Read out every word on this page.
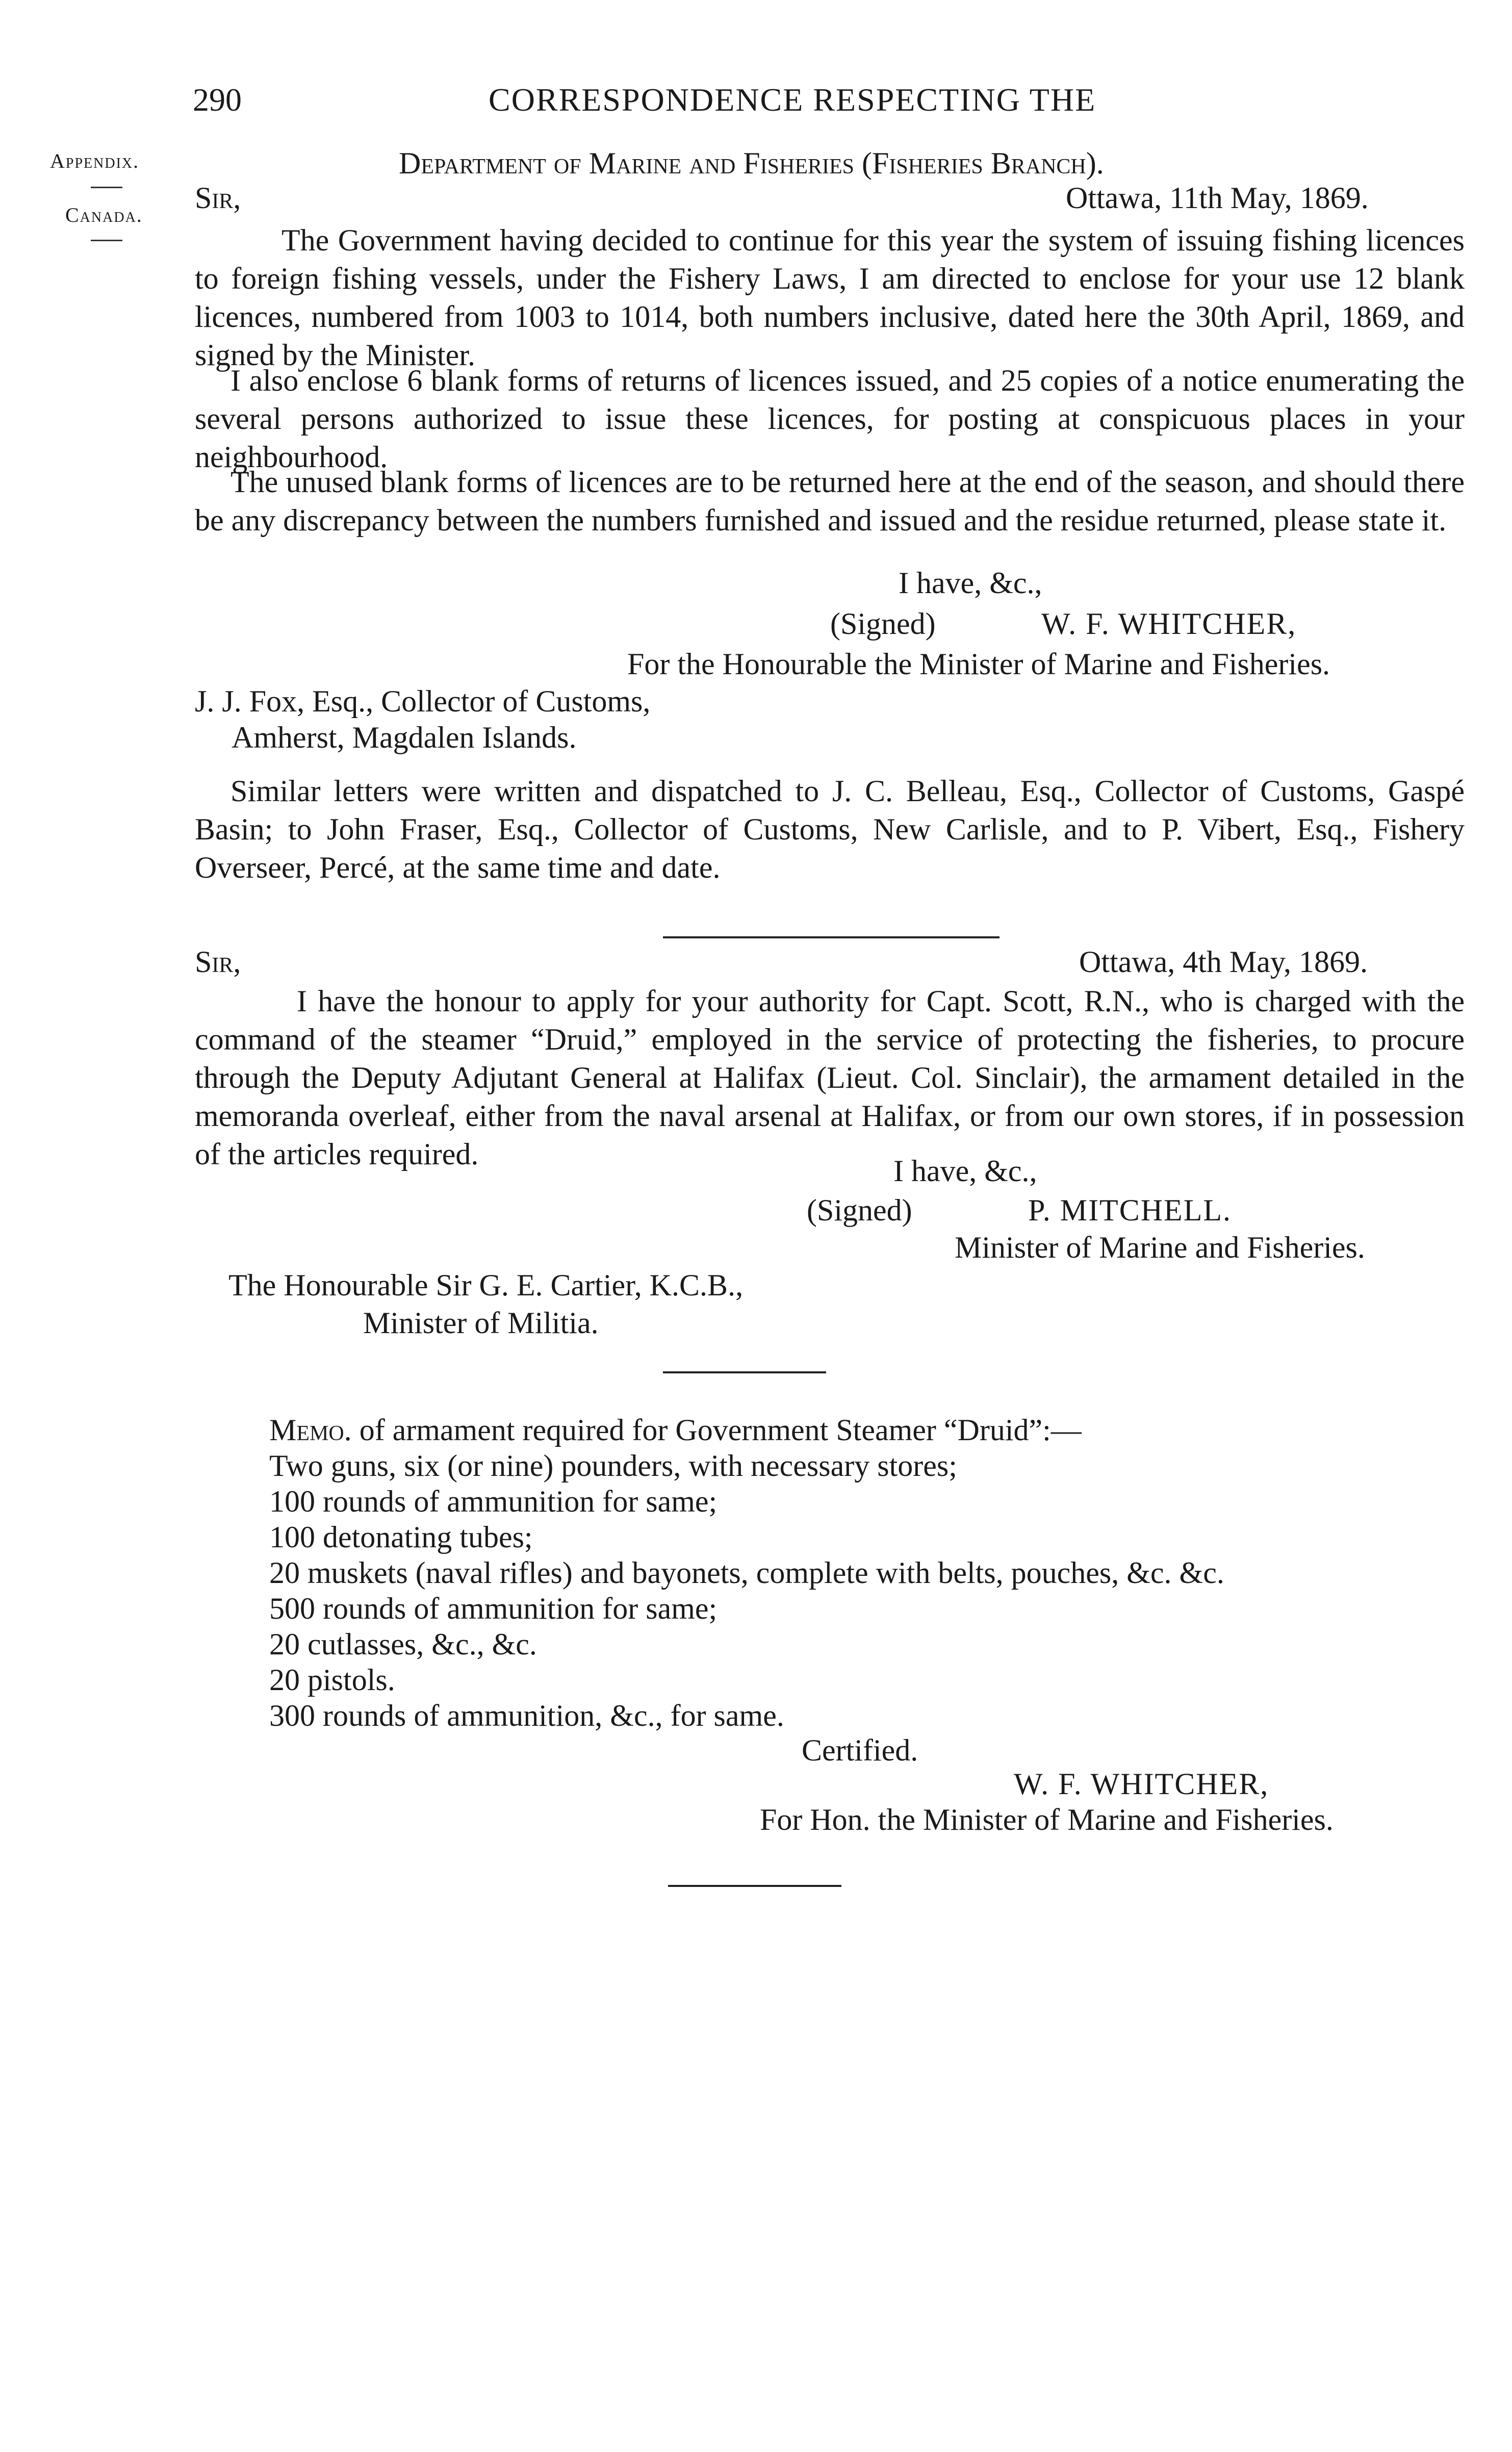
290	CORRESPONDENCE RESPECTING THE
Appendix.
Canada.
Department of Marine and Fisheries (Fisheries Branch).
Sir,	Ottawa, 11th May, 1869.

The Government having decided to continue for this year the system of issuing fishing licences to foreign fishing vessels, under the Fishery Laws, I am directed to enclose for your use 12 blank licences, numbered from 1003 to 1014, both numbers inclusive, dated here the 30th April, 1869, and signed by the Minister.

I also enclose 6 blank forms of returns of licences issued, and 25 copies of a notice enumerating the several persons authorized to issue these licences, for posting at conspicuous places in your neighbourhood.

The unused blank forms of licences are to be returned here at the end of the season, and should there be any discrepancy between the numbers furnished and issued and the residue returned, please state it.

I have, &c.,
(Signed)	W. F. WHITCHER,
For the Honourable the Minister of Marine and Fisheries.
J. J. Fox, Esq., Collector of Customs,
Amherst, Magdalen Islands.

Similar letters were written and dispatched to J. C. Belleau, Esq., Collector of Customs, Gaspé Basin; to John Fraser, Esq., Collector of Customs, New Carlisle, and to P. Vibert, Esq., Fishery Overseer, Percé, at the same time and date.

Sir,	Ottawa, 4th May, 1869.

I have the honour to apply for your authority for Capt. Scott, R.N., who is charged with the command of the steamer “Druid,” employed in the service of protecting the fisheries, to procure through the Deputy Adjutant General at Halifax (Lieut. Col. Sinclair), the armament detailed in the memoranda overleaf, either from the naval arsenal at Halifax, or from our own stores, if in possession of the articles required.	I have, &c.,
(Signed)	P. MITCHELL.
Minister of Marine and Fisheries.
The Honourable Sir G. E. Cartier, K.C.B.,
Minister of Militia.
Memo. of armament required for Government Steamer “Druid”:—
Two guns, six (or nine) pounders, with necessary stores;
100 rounds of ammunition for same;
100 detonating tubes;
20 muskets (naval rifles) and bayonets, complete with belts, pouches, &c. &c.
500 rounds of ammunition for same;
20 cutlasses, &c., &c.
20 pistols.
300 rounds of ammunition, &c., for same.
Certified.
W. F. WHITCHER,
For Hon. the Minister of Marine and Fisheries.
